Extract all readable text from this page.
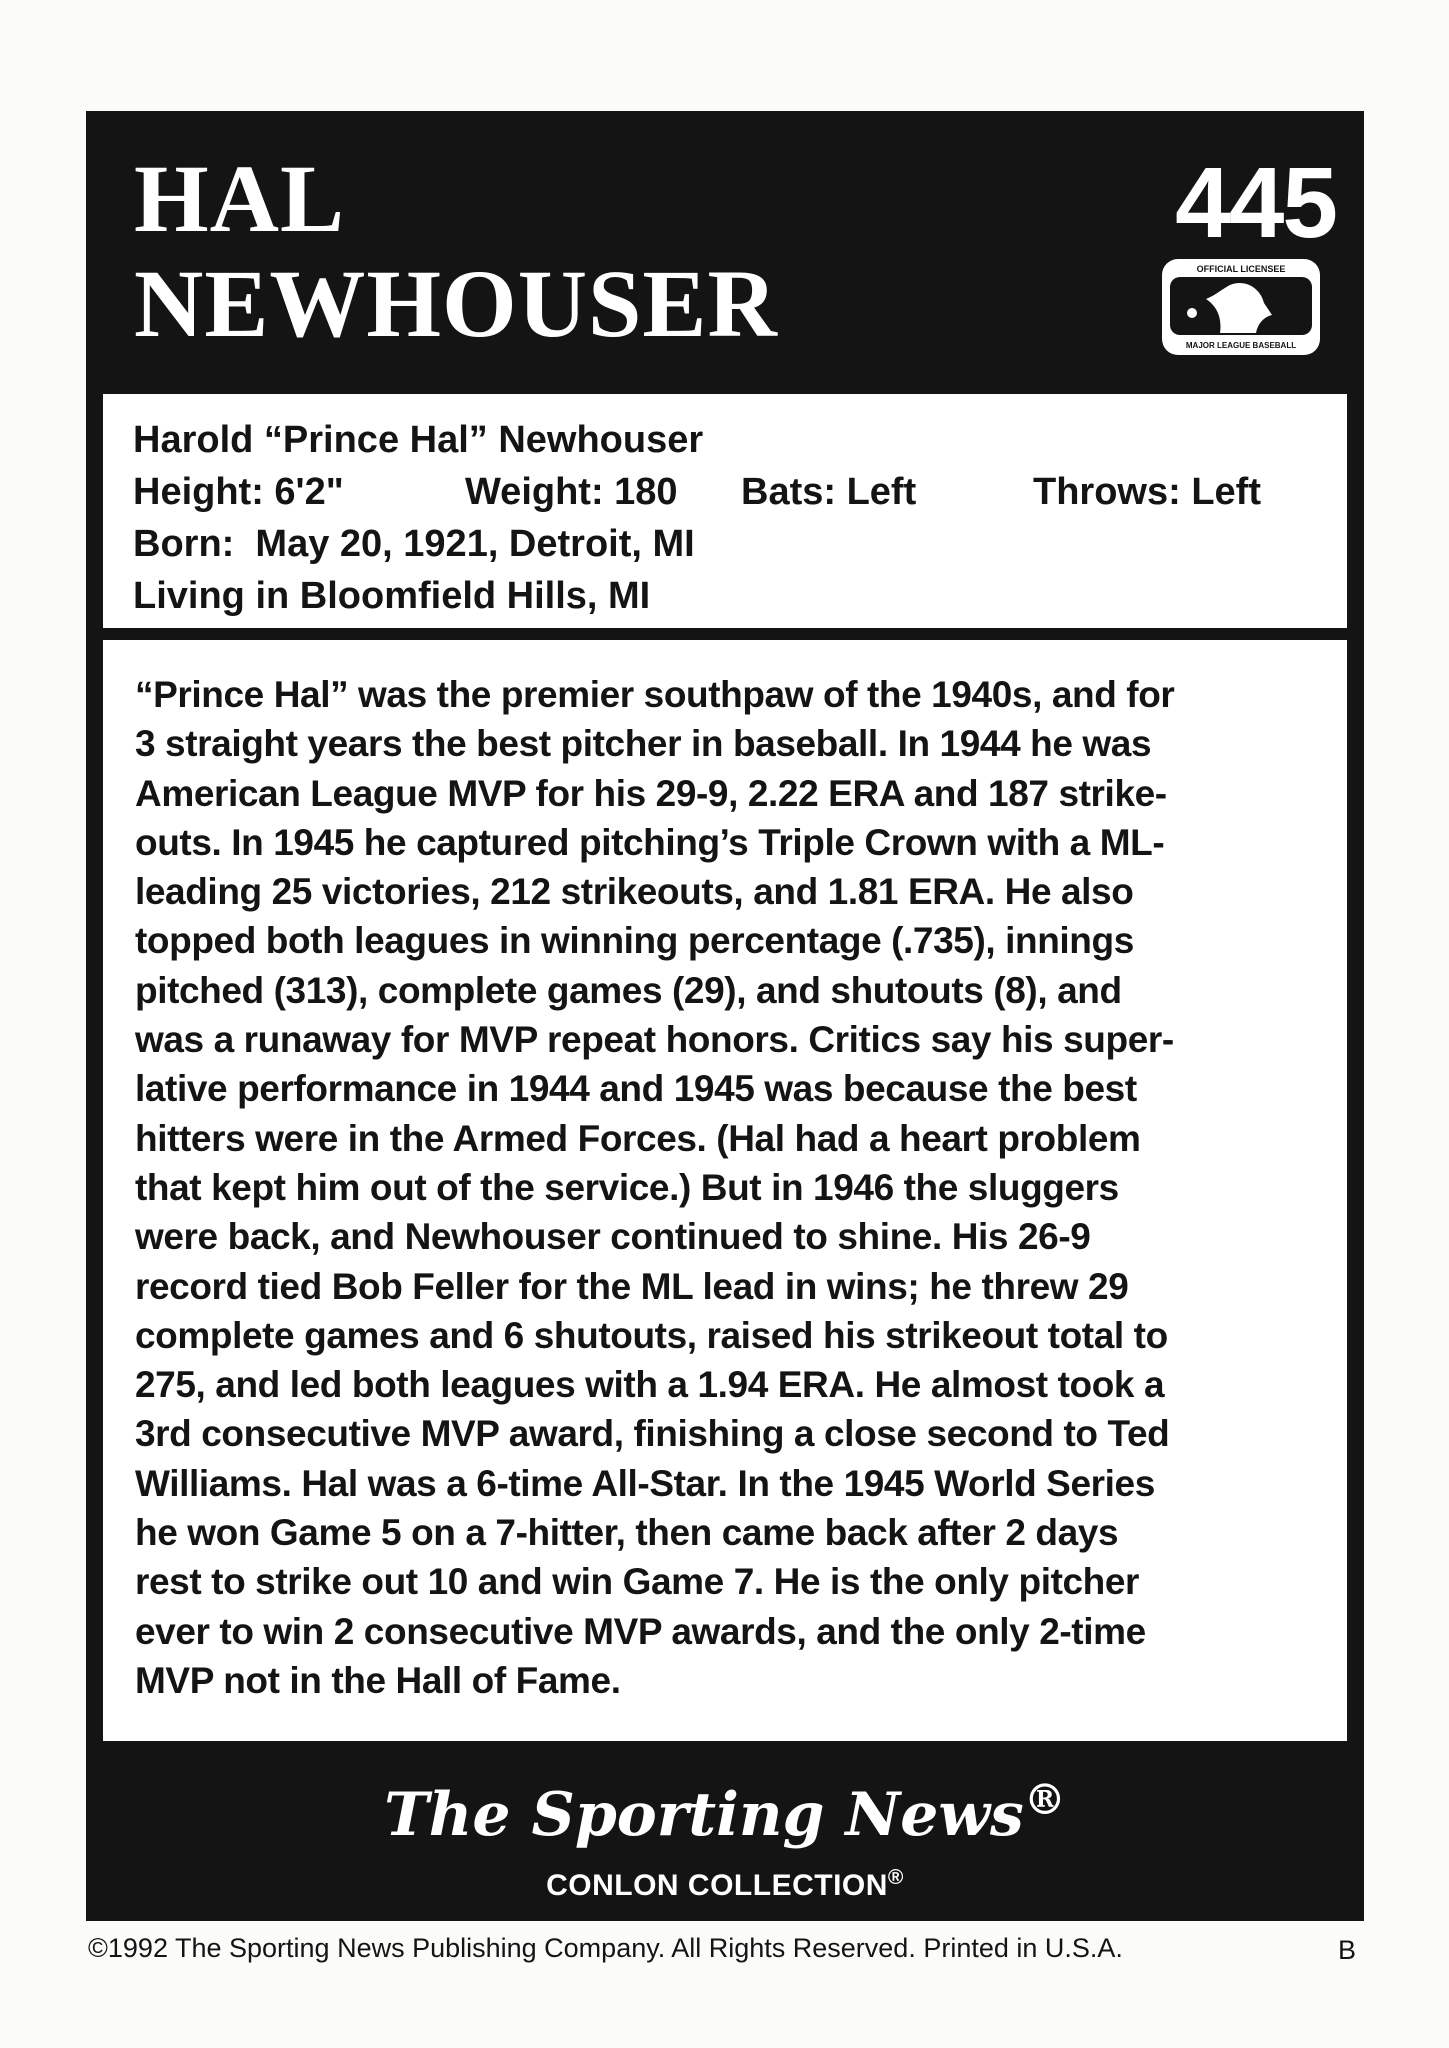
HAL
NEWHOUSER
445
OFFICIAL LICENSEE
MAJOR LEAGUE BASEBALL
Harold “Prince Hal” Newhouser
Height: 6'2"	Weight: 180	Bats: Left	Throws: Left
Born:  May 20, 1921, Detroit, MI
Living in Bloomfield Hills, MI
“Prince Hal” was the premier southpaw of the 1940s, and for
3 straight years the best pitcher in baseball. In 1944 he was
American League MVP for his 29-9, 2.22 ERA and 187 strike-
outs. In 1945 he captured pitching’s Triple Crown with a ML-
leading 25 victories, 212 strikeouts, and 1.81 ERA. He also
topped both leagues in winning percentage (.735), innings
pitched (313), complete games (29), and shutouts (8), and
was a runaway for MVP repeat honors. Critics say his super-
lative performance in 1944 and 1945 was because the best
hitters were in the Armed Forces. (Hal had a heart problem
that kept him out of the service.) But in 1946 the sluggers
were back, and Newhouser continued to shine. His 26-9
record tied Bob Feller for the ML lead in wins; he threw 29
complete games and 6 shutouts, raised his strikeout total to
275, and led both leagues with a 1.94 ERA. He almost took a
3rd consecutive MVP award, finishing a close second to Ted
Williams. Hal was a 6-time All-Star. In the 1945 World Series
he won Game 5 on a 7-hitter, then came back after 2 days
rest to strike out 10 and win Game 7. He is the only pitcher
ever to win 2 consecutive MVP awards, and the only 2-time
MVP not in the Hall of Fame.
The Sporting News®
CONLON COLLECTION®
©1992 The Sporting News Publishing Company. All Rights Reserved. Printed in U.S.A.	B
